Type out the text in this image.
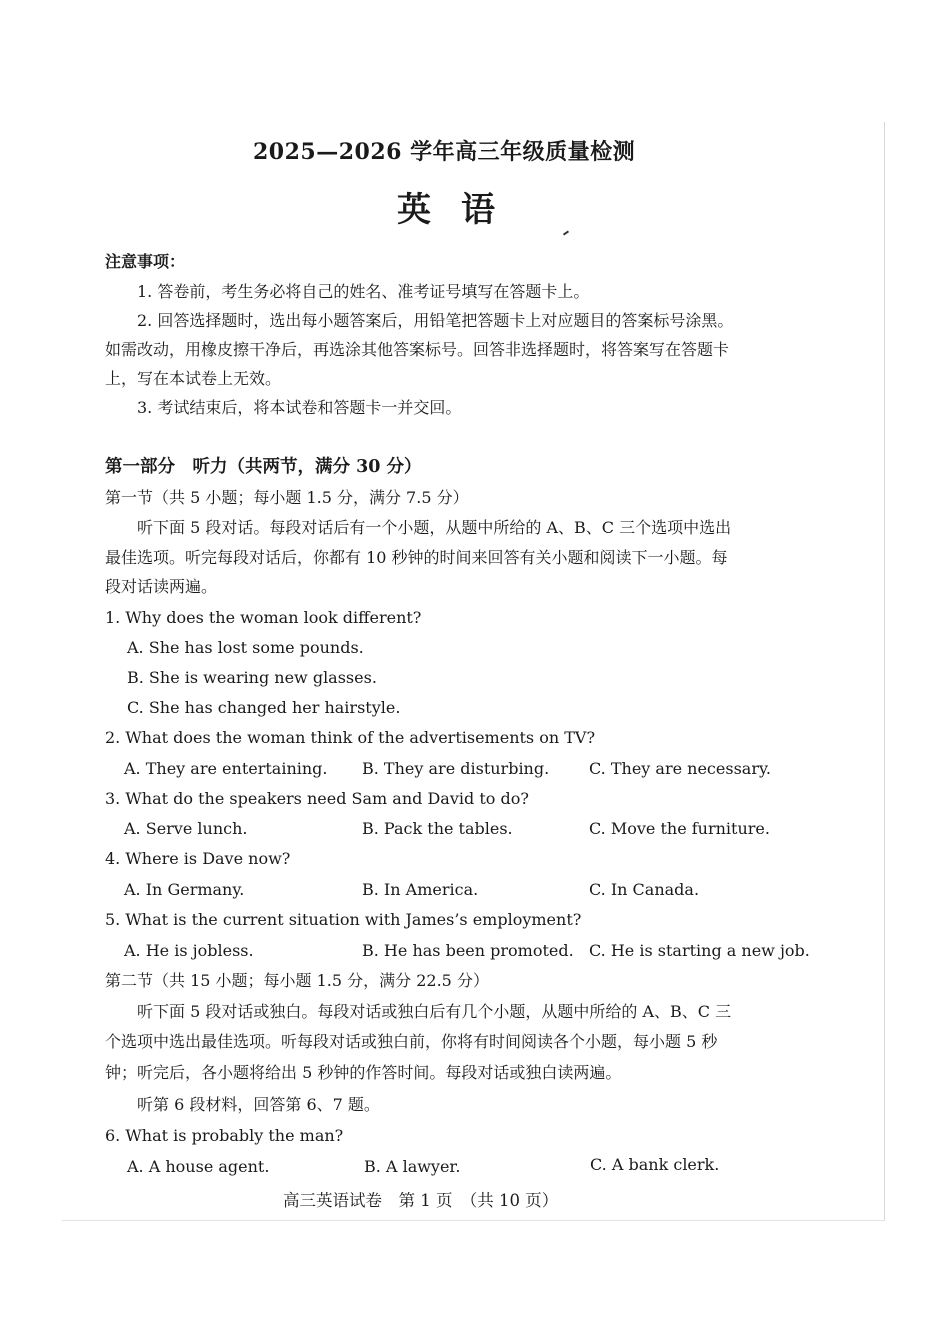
2025—2026 学年高三年级质量检测
英语
注意事项：
1. 答卷前，考生务必将自己的姓名、准考证号填写在答题卡上。
2. 回答选择题时，选出每小题答案后，用铅笔把答题卡上对应题目的答案标号涂黑。
如需改动，用橡皮擦干净后，再选涂其他答案标号。回答非选择题时，将答案写在答题卡
上，写在本试卷上无效。
3. 考试结束后，将本试卷和答题卡一并交回。
第一部分　听力（共两节，满分 30 分）
第一节（共 5 小题；每小题 1.5 分，满分 7.5 分）
听下面 5 段对话。每段对话后有一个小题，从题中所给的 A、B、C 三个选项中选出
最佳选项。听完每段对话后，你都有 10 秒钟的时间来回答有关小题和阅读下一小题。每
段对话读两遍。
1. Why does the woman look different?
A. She has lost some pounds.
B. She is wearing new glasses.
C. She has changed her hairstyle.
2. What does the woman think of the advertisements on TV?
A. They are entertaining. B. They are disturbing. C. They are necessary.
3. What do the speakers need Sam and David to do?
A. Serve lunch.	B. Pack the tables.	C. Move the furniture.
4. Where is Dave now?
A. In Germany.	B. In America.	C. In Canada.
5. What is the current situation with James’s employment?
A. He is jobless.	B. He has been promoted. C. He is starting a new job.
第二节（共 15 小题；每小题 1.5 分，满分 22.5 分）
听下面 5 段对话或独白。每段对话或独白后有几个小题，从题中所给的 A、B、C 三
个选项中选出最佳选项。听每段对话或独白前，你将有时间阅读各个小题，每小题 5 秒
钟；听完后，各小题将给出 5 秒钟的作答时间。每段对话或独白读两遍。
听第 6 段材料，回答第 6、7 题。
6. What is probably the man?
A. A house agent.	B. A lawyer.	C. A bank clerk.
高三英语试卷　第 1 页　（共 10 页）
